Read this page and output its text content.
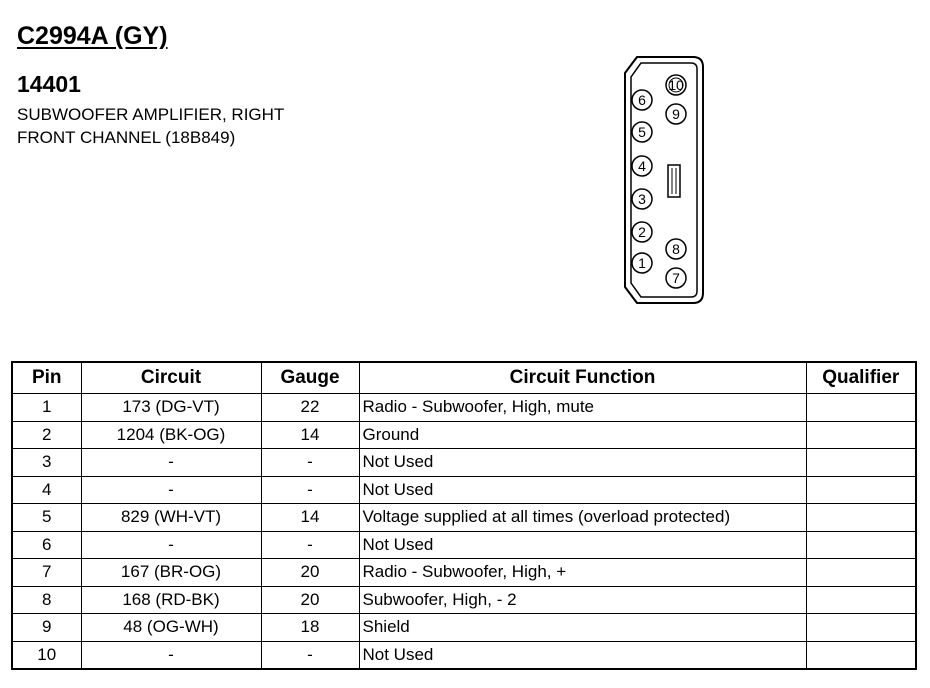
C2994A (GY)
14401
SUBWOOFER AMPLIFIER, RIGHT
FRONT CHANNEL (18B849)
10
6
9
5
4
3
2
8
1
7
Pin	Circuit	Gauge	Circuit Function	Qualifier
1	173 (DG-VT)	22	Radio - Subwoofer, High, mute	
2	1204 (BK-OG)	14	Ground	
3	-	-	Not Used	
4	-	-	Not Used	
5	829 (WH-VT)	14	Voltage supplied at all times (overload protected)	
6	-	-	Not Used	
7	167 (BR-OG)	20	Radio - Subwoofer, High, +	
8	168 (RD-BK)	20	Subwoofer, High, - 2	
9	48 (OG-WH)	18	Shield	
10	-	-	Not Used	
